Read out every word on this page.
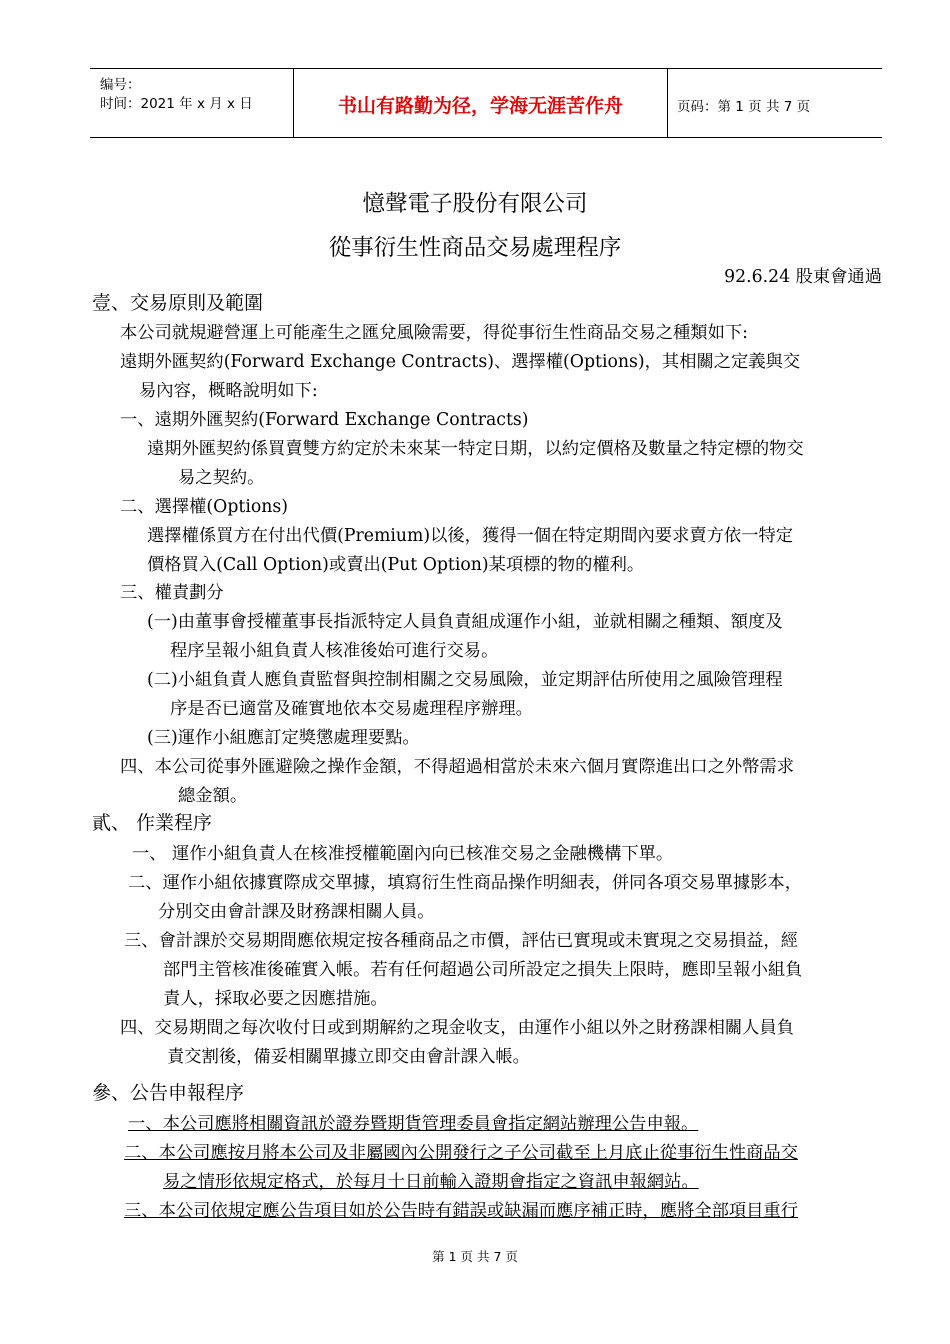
编号：
时间：2021 年 x 月 x 日	书山有路勤为径，学海无涯苦作舟	页码：第 1 页 共 7 页
憶聲電子股份有限公司
從事衍生性商品交易處理程序
92.6.24 股東會通過
壹、交易原則及範圍
本公司就規避營運上可能產生之匯兌風險需要，得從事衍生性商品交易之種類如下:
遠期外匯契約(Forward Exchange Contracts)、選擇權(Options)，其相關之定義與交
易內容，概略說明如下:
一、遠期外匯契約(Forward Exchange Contracts)
遠期外匯契約係買賣雙方約定於未來某一特定日期，以約定價格及數量之特定標的物交
易之契約。
二、選擇權(Options)
選擇權係買方在付出代價(Premium)以後，獲得一個在特定期間內要求賣方依一特定
價格買入(Call Option)或賣出(Put Option)某項標的物的權利。
三、權責劃分
(一)由董事會授權董事長指派特定人員負責組成運作小組，並就相關之種類、額度及
程序呈報小組負責人核准後始可進行交易。
(二)小組負責人應負責監督與控制相關之交易風險，並定期評估所使用之風險管理程
序是否已適當及確實地依本交易處理程序辦理。
(三)運作小組應訂定獎懲處理要點。
四、本公司從事外匯避險之操作金額，不得超過相當於未來六個月實際進出口之外幣需求
總金額。
貳、 作業程序
一、 運作小組負責人在核准授權範圍內向已核准交易之金融機構下單。
二、運作小組依據實際成交單據，填寫衍生性商品操作明細表，併同各項交易單據影本，
分別交由會計課及財務課相關人員。
三、會計課於交易期間應依規定按各種商品之市價，評估已實現或未實現之交易損益，經
部門主管核准後確實入帳。若有任何超過公司所設定之損失上限時，應即呈報小組負
責人，採取必要之因應措施。
四、交易期間之每次收付日或到期解約之現金收支，由運作小組以外之財務課相關人員負
責交割後，備妥相關單據立即交由會計課入帳。
參、公告申報程序
一、本公司應將相關資訊於證券暨期貨管理委員會指定網站辦理公告申報。
二、本公司應按月將本公司及非屬國內公開發行之子公司截至上月底止從事衍生性商品交
易之情形依規定格式，於每月十日前輸入證期會指定之資訊申報網站。
三、本公司依規定應公告項目如於公告時有錯誤或缺漏而應序補正時，應將全部項目重行
第 1 页 共 7 页
